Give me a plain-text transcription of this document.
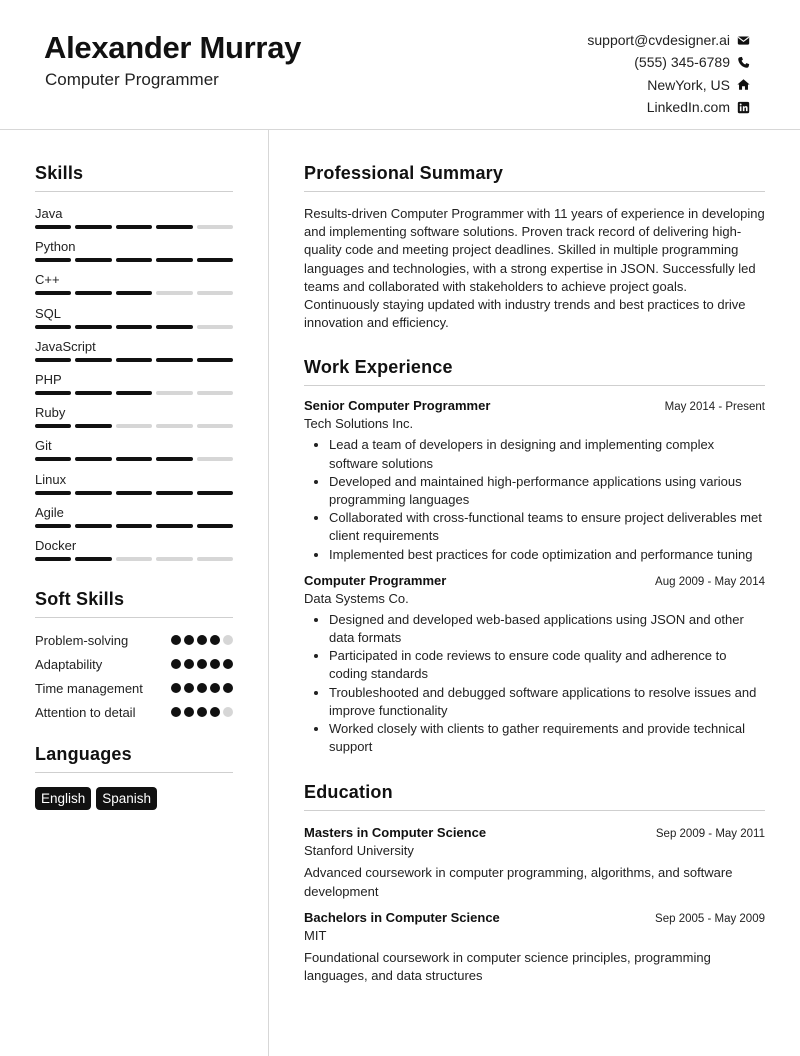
Alexander Murray
Computer Programmer
support@cvdesigner.ai
(555) 345-6789
NewYork, US
LinkedIn.com
Skills
Java
Python
C++
SQL
JavaScript
PHP
Ruby
Git
Linux
Agile
Docker
Soft Skills
Problem-solving
Adaptability
Time management
Attention to detail
Languages
English	Spanish
Professional Summary
Results-driven Computer Programmer with 11 years of experience in developing and implementing software solutions. Proven track record of delivering high-quality code and meeting project deadlines. Skilled in multiple programming languages and technologies, with a strong expertise in JSON. Successfully led teams and collaborated with stakeholders to achieve project goals. Continuously staying updated with industry trends and best practices to drive innovation and efficiency.
Work Experience
Senior Computer Programmer	May 2014 - Present
Tech Solutions Inc.
• Lead a team of developers in designing and implementing complex software solutions
• Developed and maintained high-performance applications using various programming languages
• Collaborated with cross-functional teams to ensure project deliverables met client requirements
• Implemented best practices for code optimization and performance tuning
Computer Programmer	Aug 2009 - May 2014
Data Systems Co.
• Designed and developed web-based applications using JSON and other data formats
• Participated in code reviews to ensure code quality and adherence to coding standards
• Troubleshooted and debugged software applications to resolve issues and improve functionality
• Worked closely with clients to gather requirements and provide technical support
Education
Masters in Computer Science	Sep 2009 - May 2011
Stanford University
Advanced coursework in computer programming, algorithms, and software development
Bachelors in Computer Science	Sep 2005 - May 2009
MIT
Foundational coursework in computer science principles, programming languages, and data structures
